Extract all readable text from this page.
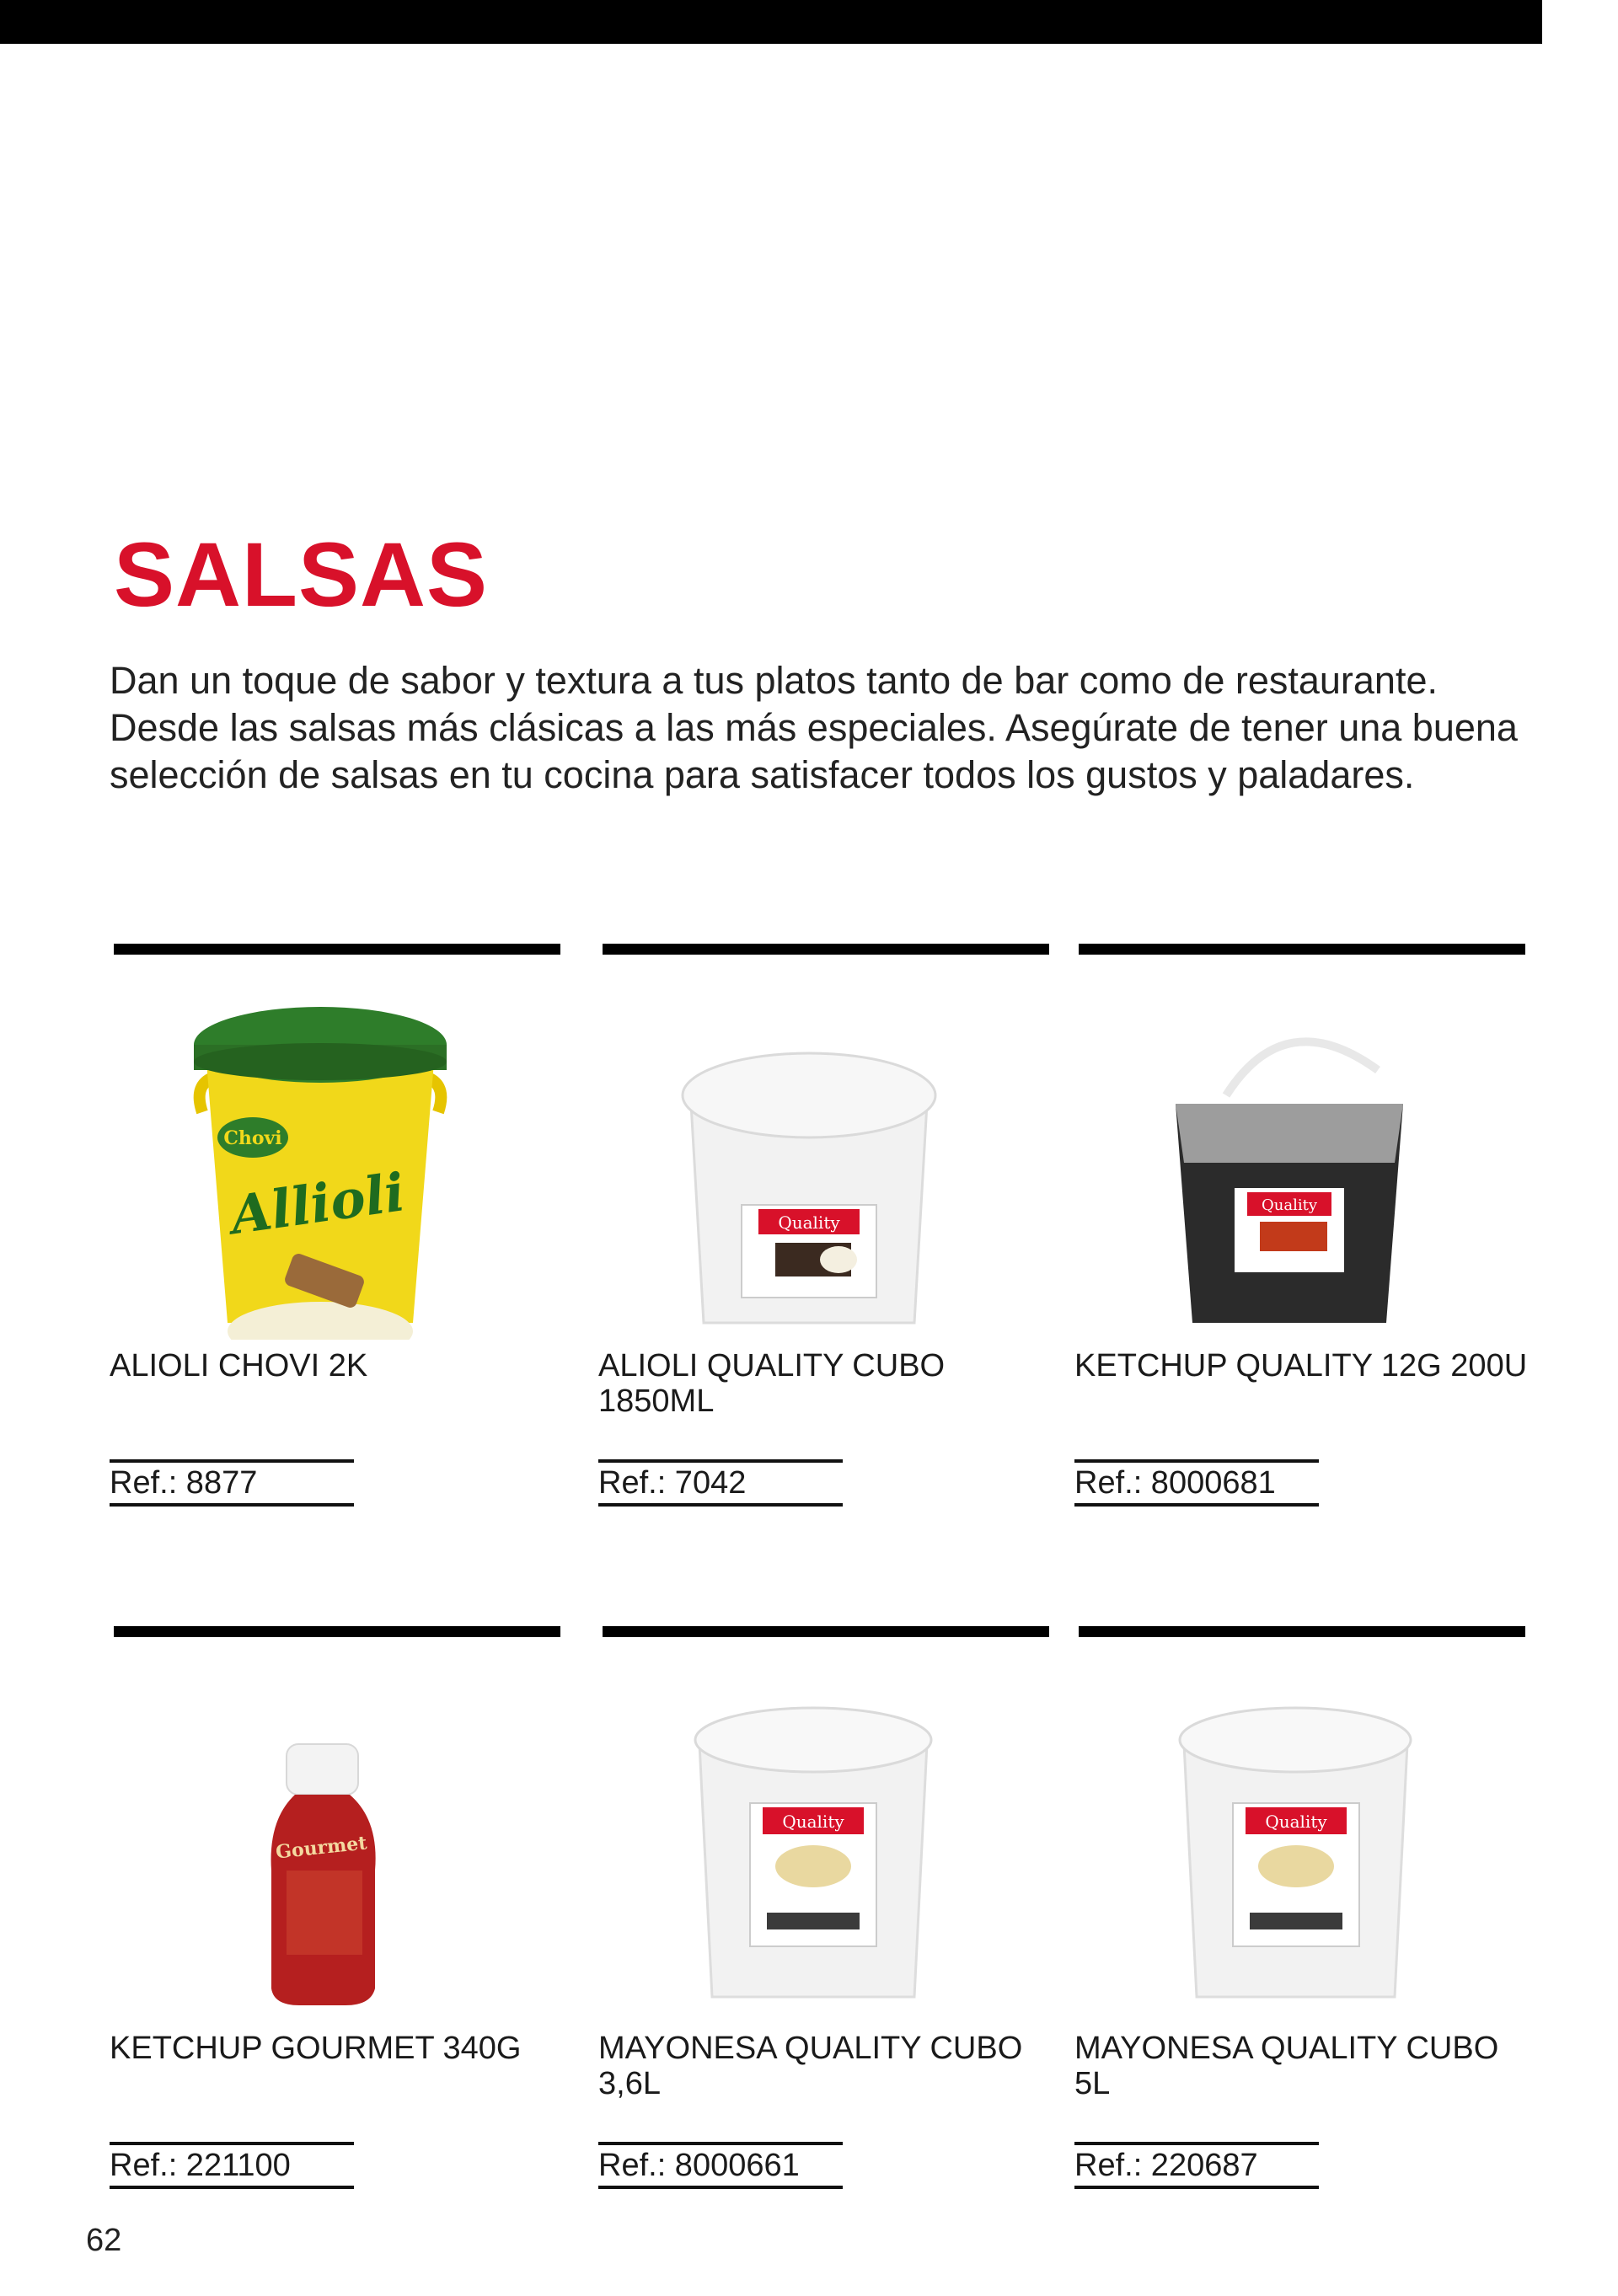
SALSAS

Dan un toque de sabor y textura a tus platos tanto de bar como de restaurante. Desde las salsas más clásicas a las más especiales. Asegúrate de tener una buena selección de salsas en tu cocina para satisfacer todos los gustos y paladares.

Chovi
Allioli

ALIOLI CHOVI 2K

Ref.: 8877
Quality

ALIOLI QUALITY CUBO 1850ML

Ref.: 7042
Quality

KETCHUP QUALITY 12G 200U

Ref.: 8000681
Gourmet

KETCHUP GOURMET 340G

Ref.: 221100
Quality

MAYONESA QUALITY CUBO 3,6L

Ref.: 8000661
Quality

MAYONESA QUALITY CUBO 5L

Ref.: 220687
62
